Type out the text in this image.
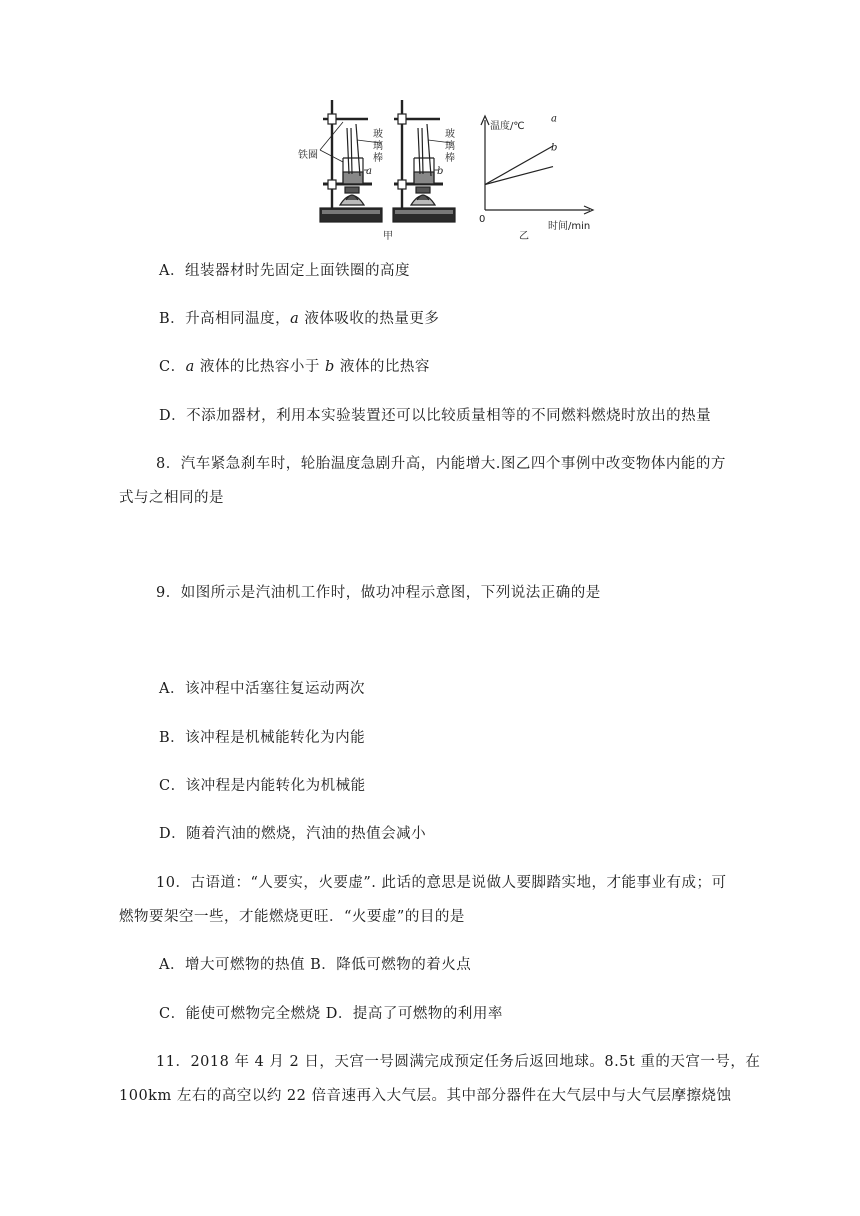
铁圈
玻
璃
棒
a
玻
璃
棒
b
甲
a
b
温度/℃
时间/min
0
乙
A．组装器材时先固定上面铁圈的高度
B．升高相同温度，a 液体吸收的热量更多
C．a 液体的比热容小于 b 液体的比热容
D．不添加器材，利用本实验装置还可以比较质量相等的不同燃料燃烧时放出的热量
8．汽车紧急刹车时，轮胎温度急剧升高，内能增大.图乙四个事例中改变物体内能的方
式与之相同的是
9．如图所示是汽油机工作时，做功冲程示意图，下列说法正确的是
A．该冲程中活塞往复运动两次
B．该冲程是机械能转化为内能
C．该冲程是内能转化为机械能
D．随着汽油的燃烧，汽油的热值会减小
10．古语道：“人要实，火要虚”. 此话的意思是说做人要脚踏实地，才能事业有成；可
燃物要架空一些，才能燃烧更旺．“火要虚”的目的是
A．增大可燃物的热值 B．降低可燃物的着火点
C．能使可燃物完全燃烧 D．提高了可燃物的利用率
11．2018 年 4 月 2 日，天宫一号圆满完成预定任务后返回地球。8.5t 重的天宫一号，在
100km 左右的高空以约 22 倍音速再入大气层。其中部分器件在大气层中与大气层摩擦烧蚀
